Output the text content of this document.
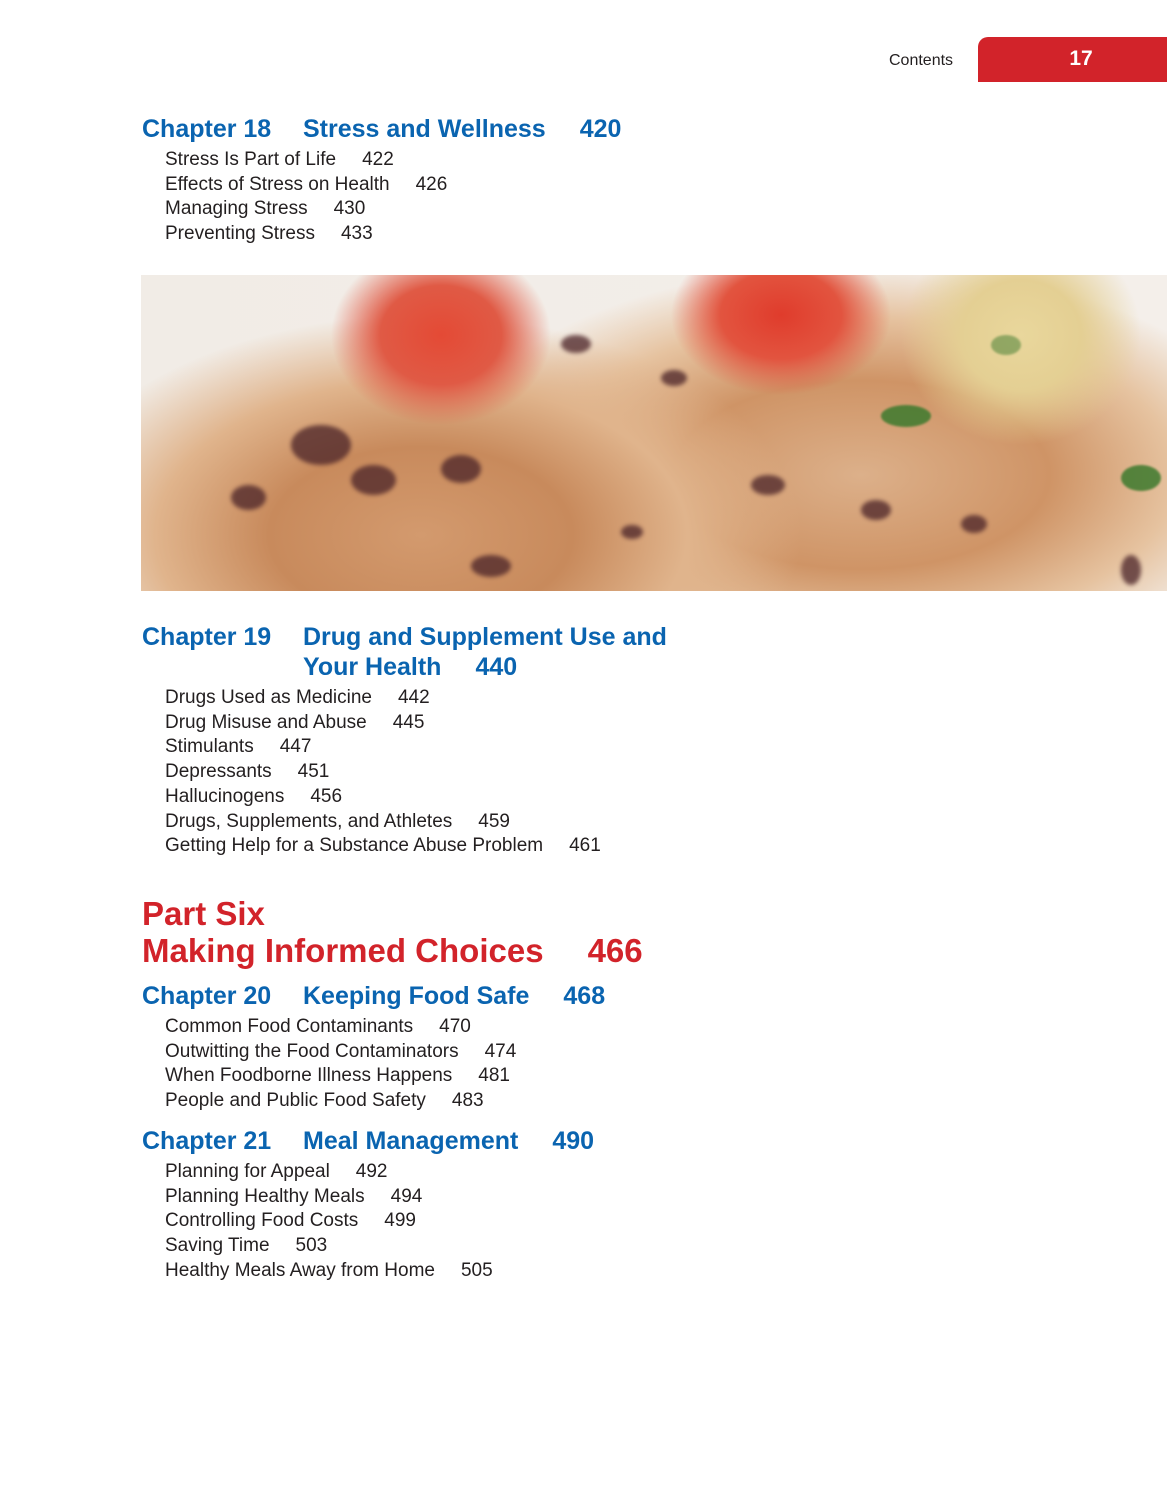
Contents	17
Chapter 18 Stress and Wellness 420
Stress Is Part of Life 422
Effects of Stress on Health 426
Managing Stress 430
Preventing Stress 433
Chapter 19 Drug and Supplement Use and
Your Health 440
Drugs Used as Medicine 442
Drug Misuse and Abuse 445
Stimulants 447
Depressants 451
Hallucinogens 456
Drugs, Supplements, and Athletes 459
Getting Help for a Substance Abuse Problem 461
Part Six
Making Informed Choices 466
Chapter 20 Keeping Food Safe 468
Common Food Contaminants 470
Outwitting the Food Contaminators 474
When Foodborne Illness Happens 481
People and Public Food Safety 483
Chapter 21 Meal Management 490
Planning for Appeal 492
Planning Healthy Meals 494
Controlling Food Costs 499
Saving Time 503
Healthy Meals Away from Home 505
